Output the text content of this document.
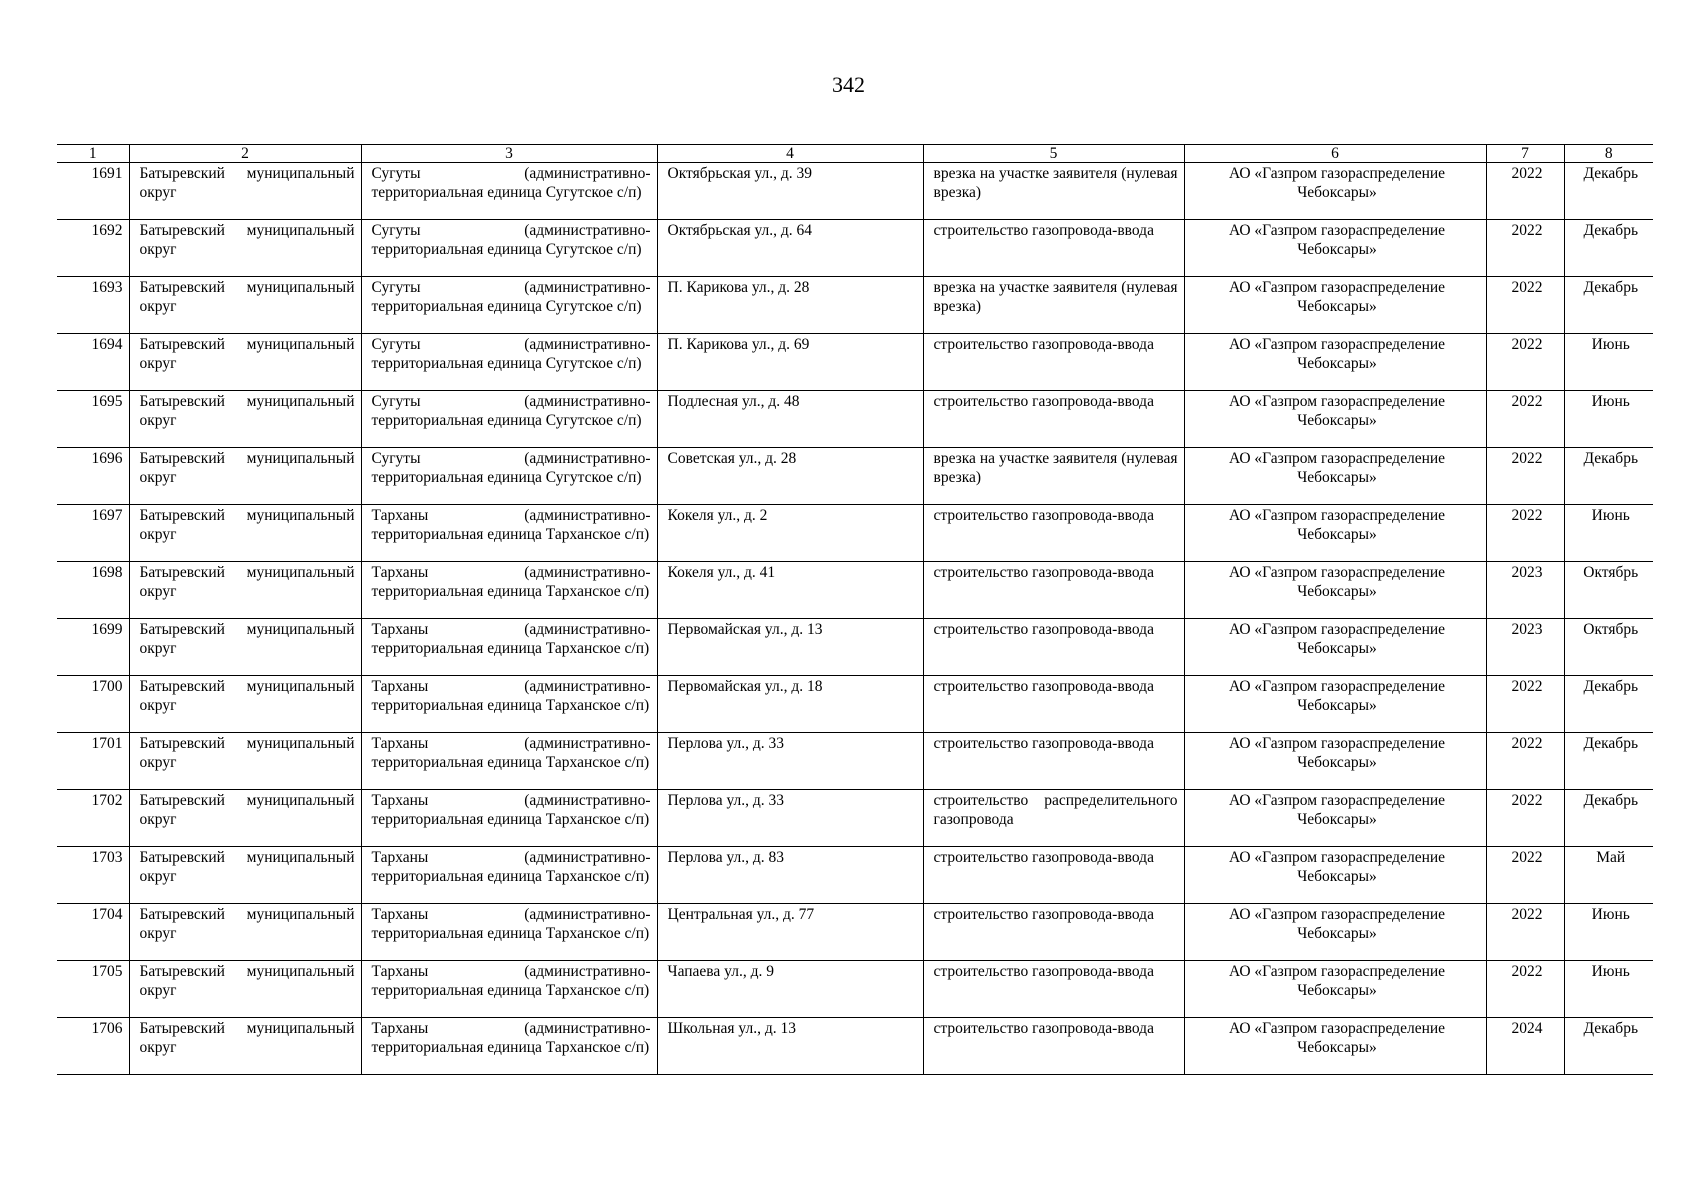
342
1	2	3	4	5	6	7	8
1691	Батыревский муниципальный округ	Сугуты (административно-территориальная единица Сугутское с/п)	Октябрьская ул., д. 39	врезка на участке заявителя (нулевая врезка)	АО «Газпром газораспределение Чебоксары»	2022	Декабрь
1692	Батыревский муниципальный округ	Сугуты (административно-территориальная единица Сугутское с/п)	Октябрьская ул., д. 64	строительство газопровода-ввода	АО «Газпром газораспределение Чебоксары»	2022	Декабрь
1693	Батыревский муниципальный округ	Сугуты (административно-территориальная единица Сугутское с/п)	П. Карикова ул., д. 28	врезка на участке заявителя (нулевая врезка)	АО «Газпром газораспределение Чебоксары»	2022	Декабрь
1694	Батыревский муниципальный округ	Сугуты (административно-территориальная единица Сугутское с/п)	П. Карикова ул., д. 69	строительство газопровода-ввода	АО «Газпром газораспределение Чебоксары»	2022	Июнь
1695	Батыревский муниципальный округ	Сугуты (административно-территориальная единица Сугутское с/п)	Подлесная ул., д. 48	строительство газопровода-ввода	АО «Газпром газораспределение Чебоксары»	2022	Июнь
1696	Батыревский муниципальный округ	Сугуты (административно-территориальная единица Сугутское с/п)	Советская ул., д. 28	врезка на участке заявителя (нулевая врезка)	АО «Газпром газораспределение Чебоксары»	2022	Декабрь
1697	Батыревский муниципальный округ	Тарханы (административно-территориальная единица Тарханское с/п)	Кокеля ул., д. 2	строительство газопровода-ввода	АО «Газпром газораспределение Чебоксары»	2022	Июнь
1698	Батыревский муниципальный округ	Тарханы (административно-территориальная единица Тарханское с/п)	Кокеля ул., д. 41	строительство газопровода-ввода	АО «Газпром газораспределение Чебоксары»	2023	Октябрь
1699	Батыревский муниципальный округ	Тарханы (административно-территориальная единица Тарханское с/п)	Первомайская ул., д. 13	строительство газопровода-ввода	АО «Газпром газораспределение Чебоксары»	2023	Октябрь
1700	Батыревский муниципальный округ	Тарханы (административно-территориальная единица Тарханское с/п)	Первомайская ул., д. 18	строительство газопровода-ввода	АО «Газпром газораспределение Чебоксары»	2022	Декабрь
1701	Батыревский муниципальный округ	Тарханы (административно-территориальная единица Тарханское с/п)	Перлова ул., д. 33	строительство газопровода-ввода	АО «Газпром газораспределение Чебоксары»	2022	Декабрь
1702	Батыревский муниципальный округ	Тарханы (административно-территориальная единица Тарханское с/п)	Перлова ул., д. 33	строительство распределительного газопровода	АО «Газпром газораспределение Чебоксары»	2022	Декабрь
1703	Батыревский муниципальный округ	Тарханы (административно-территориальная единица Тарханское с/п)	Перлова ул., д. 83	строительство газопровода-ввода	АО «Газпром газораспределение Чебоксары»	2022	Май
1704	Батыревский муниципальный округ	Тарханы (административно-территориальная единица Тарханское с/п)	Центральная ул., д. 77	строительство газопровода-ввода	АО «Газпром газораспределение Чебоксары»	2022	Июнь
1705	Батыревский муниципальный округ	Тарханы (административно-территориальная единица Тарханское с/п)	Чапаева ул., д. 9	строительство газопровода-ввода	АО «Газпром газораспределение Чебоксары»	2022	Июнь
1706	Батыревский муниципальный округ	Тарханы (административно-территориальная единица Тарханское с/п)	Школьная ул., д. 13	строительство газопровода-ввода	АО «Газпром газораспределение Чебоксары»	2024	Декабрь
